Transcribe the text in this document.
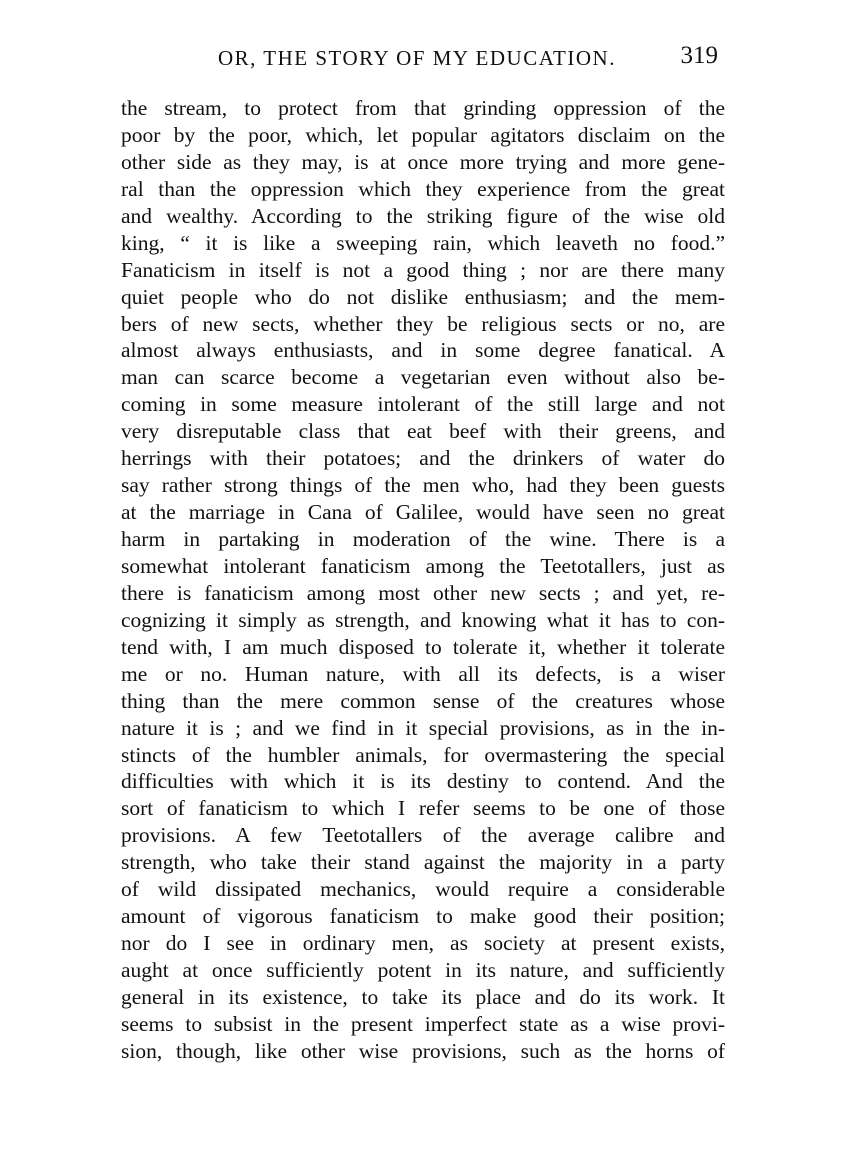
OR, THE STORY OF MY EDUCATION.	319
the stream, to protect from that grinding oppression of the
poor by the poor, which, let popular agitators disclaim on the
other side as they may, is at once more trying and more gene-
ral than the oppression which they experience from the great
and wealthy. According to the striking figure of the wise old
king, “ it is like a sweeping rain, which leaveth no food.”
Fanaticism in itself is not a good thing ; nor are there many
quiet people who do not dislike enthusiasm; and the mem-
bers of new sects, whether they be religious sects or no, are
almost always enthusiasts, and in some degree fanatical. A
man can scarce become a vegetarian even without also be-
coming in some measure intolerant of the still large and not
very disreputable class that eat beef with their greens, and
herrings with their potatoes; and the drinkers of water do
say rather strong things of the men who, had they been guests
at the marriage in Cana of Galilee, would have seen no great
harm in partaking in moderation of the wine. There is a
somewhat intolerant fanaticism among the Teetotallers, just as
there is fanaticism among most other new sects ; and yet, re-
cognizing it simply as strength, and knowing what it has to con-
tend with, I am much disposed to tolerate it, whether it tolerate
me or no. Human nature, with all its defects, is a wiser
thing than the mere common sense of the creatures whose
nature it is ; and we find in it special provisions, as in the in-
stincts of the humbler animals, for overmastering the special
difficulties with which it is its destiny to contend. And the
sort of fanaticism to which I refer seems to be one of those
provisions. A few Teetotallers of the average calibre and
strength, who take their stand against the majority in a party
of wild dissipated mechanics, would require a considerable
amount of vigorous fanaticism to make good their position;
nor do I see in ordinary men, as society at present exists,
aught at once sufficiently potent in its nature, and sufficiently
general in its existence, to take its place and do its work. It
seems to subsist in the present imperfect state as a wise provi-
sion, though, like other wise provisions, such as the horns of
